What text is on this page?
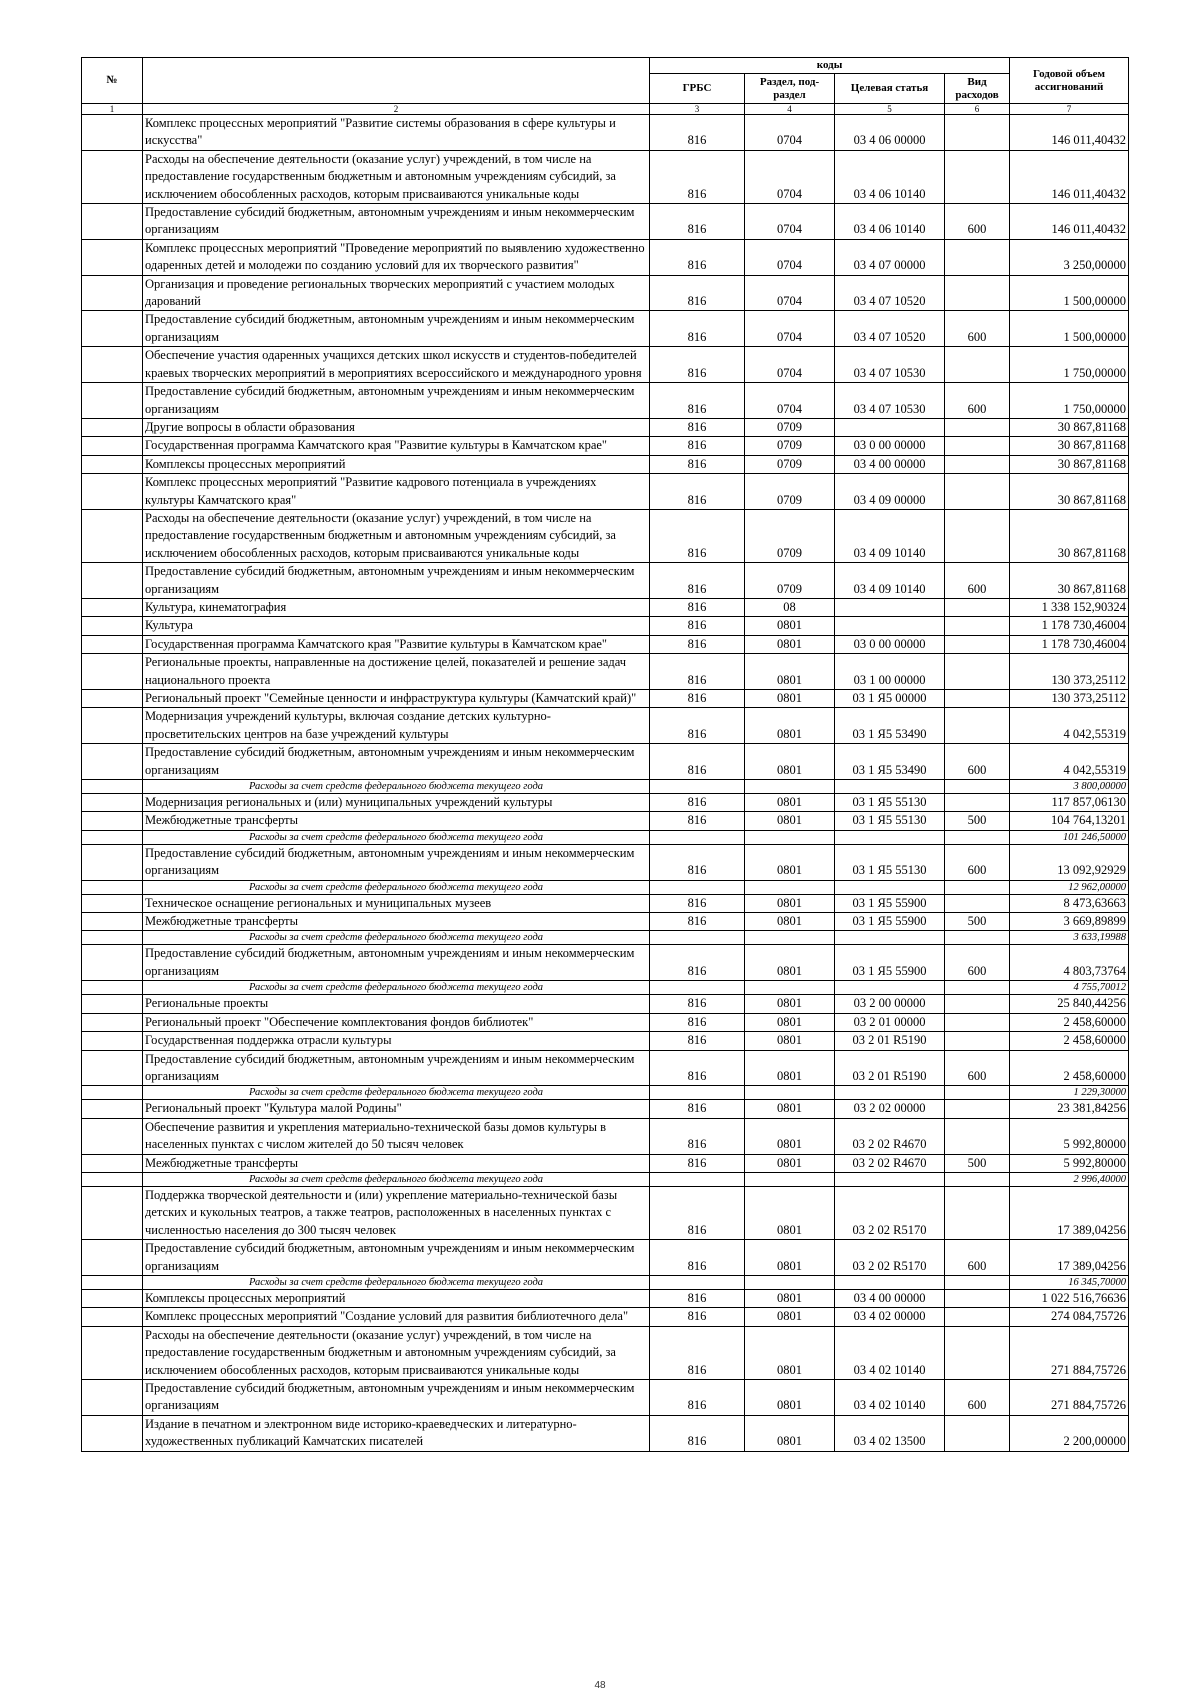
№		коды				Годовой объем ассигнований
		ГРБС	Раздел, под-раздел	Целевая статья	Вид расходов	
1	2	3	4	5	6	7
	Комплекс процессных мероприятий "Развитие системы образования в сфере культуры и искусства"	816	0704	03 4 06 00000		146 011,40432
	Расходы на обеспечение деятельности (оказание услуг) учреждений, в том числе на предоставление государственным бюджетным и автономным учреждениям субсидий, за исключением обособленных расходов, которым присваиваются уникальные коды	816	0704	03 4 06 10140		146 011,40432
	Предоставление субсидий бюджетным, автономным учреждениям и иным некоммерческим организациям	816	0704	03 4 06 10140	600	146 011,40432
	Комплекс процессных мероприятий "Проведение мероприятий по выявлению художественно одаренных детей и молодежи по созданию условий для их творческого развития"	816	0704	03 4 07 00000		3 250,00000
	Организация и проведение региональных творческих мероприятий с участием молодых дарований	816	0704	03 4 07 10520		1 500,00000
	Предоставление субсидий бюджетным, автономным учреждениям и иным некоммерческим организациям	816	0704	03 4 07 10520	600	1 500,00000
	Обеспечение участия одаренных учащихся детских школ искусств и студентов-победителей краевых творческих мероприятий в мероприятиях всероссийского и международного уровня	816	0704	03 4 07 10530		1 750,00000
	Предоставление субсидий бюджетным, автономным учреждениям и иным некоммерческим организациям	816	0704	03 4 07 10530	600	1 750,00000
	Другие вопросы в области образования	816	0709			30 867,81168
	Государственная программа Камчатского края "Развитие культуры в Камчатском крае"	816	0709	03 0 00 00000		30 867,81168
	Комплексы процессных мероприятий	816	0709	03 4 00 00000		30 867,81168
	Комплекс процессных мероприятий "Развитие кадрового потенциала в учреждениях культуры Камчатского края"	816	0709	03 4 09 00000		30 867,81168
	Расходы на обеспечение деятельности (оказание услуг) учреждений, в том числе на предоставление государственным бюджетным и автономным учреждениям субсидий, за исключением обособленных расходов, которым присваиваются уникальные коды	816	0709	03 4 09 10140		30 867,81168
	Предоставление субсидий бюджетным, автономным учреждениям и иным некоммерческим организациям	816	0709	03 4 09 10140	600	30 867,81168
	Культура, кинематография	816	08			1 338 152,90324
	Культура	816	0801			1 178 730,46004
	Государственная программа Камчатского края "Развитие культуры в Камчатском крае"	816	0801	03 0 00 00000		1 178 730,46004
	Региональные проекты, направленные на достижение целей, показателей и решение задач национального проекта	816	0801	03 1 00 00000		130 373,25112
	Региональный проект "Семейные ценности и инфраструктура культуры (Камчатский край)"	816	0801	03 1 Я5 00000		130 373,25112
	Модернизация учреждений культуры, включая создание детских культурно-просветительских центров на базе учреждений культуры	816	0801	03 1 Я5 53490		4 042,55319
	Предоставление субсидий бюджетным, автономным учреждениям и иным некоммерческим организациям	816	0801	03 1 Я5 53490	600	4 042,55319
	Расходы за счет средств федерального бюджета текущего года					3 800,00000
	Модернизация региональных и (или) муниципальных учреждений культуры	816	0801	03 1 Я5 55130		117 857,06130
	Межбюджетные трансферты	816	0801	03 1 Я5 55130	500	104 764,13201
	Расходы за счет средств федерального бюджета текущего года					101 246,50000
	Предоставление субсидий бюджетным, автономным учреждениям и иным некоммерческим организациям	816	0801	03 1 Я5 55130	600	13 092,92929
	Расходы за счет средств федерального бюджета текущего года					12 962,00000
	Техническое оснащение региональных и муниципальных музеев	816	0801	03 1 Я5 55900		8 473,63663
	Межбюджетные трансферты	816	0801	03 1 Я5 55900	500	3 669,89899
	Расходы за счет средств федерального бюджета текущего года					3 633,19988
	Предоставление субсидий бюджетным, автономным учреждениям и иным некоммерческим организациям	816	0801	03 1 Я5 55900	600	4 803,73764
	Расходы за счет средств федерального бюджета текущего года					4 755,70012
	Региональные проекты	816	0801	03 2 00 00000		25 840,44256
	Региональный проект "Обеспечение комплектования фондов библиотек"	816	0801	03 2 01 00000		2 458,60000
	Государственная поддержка отрасли культуры	816	0801	03 2 01 R5190		2 458,60000
	Предоставление субсидий бюджетным, автономным учреждениям и иным некоммерческим организациям	816	0801	03 2 01 R5190	600	2 458,60000
	Расходы за счет средств федерального бюджета текущего года					1 229,30000
	Региональный проект "Культура малой Родины"	816	0801	03 2 02 00000		23 381,84256
	Обеспечение развития и укрепления материально-технической базы домов культуры в населенных пунктах с числом жителей до 50 тысяч человек	816	0801	03 2 02 R4670		5 992,80000
	Межбюджетные трансферты	816	0801	03 2 02 R4670	500	5 992,80000
	Расходы за счет средств федерального бюджета текущего года					2 996,40000
	Поддержка творческой деятельности и (или) укрепление материально-технической базы детских и кукольных театров, а также театров, расположенных в населенных пунктах с численностью населения до 300 тысяч человек	816	0801	03 2 02 R5170		17 389,04256
	Предоставление субсидий бюджетным, автономным учреждениям и иным некоммерческим организациям	816	0801	03 2 02 R5170	600	17 389,04256
	Расходы за счет средств федерального бюджета текущего года					16 345,70000
	Комплексы процессных мероприятий	816	0801	03 4 00 00000		1 022 516,76636
	Комплекс процессных мероприятий "Создание условий для развития библиотечного дела"	816	0801	03 4 02 00000		274 084,75726
	Расходы на обеспечение деятельности (оказание услуг) учреждений, в том числе на предоставление государственным бюджетным и автономным учреждениям субсидий, за исключением обособленных расходов, которым присваиваются уникальные коды	816	0801	03 4 02 10140		271 884,75726
	Предоставление субсидий бюджетным, автономным учреждениям и иным некоммерческим организациям	816	0801	03 4 02 10140	600	271 884,75726
	Издание в печатном и электронном виде историко-краеведческих и литературно-художественных публикаций Камчатских писателей	816	0801	03 4 02 13500		2 200,00000
48
